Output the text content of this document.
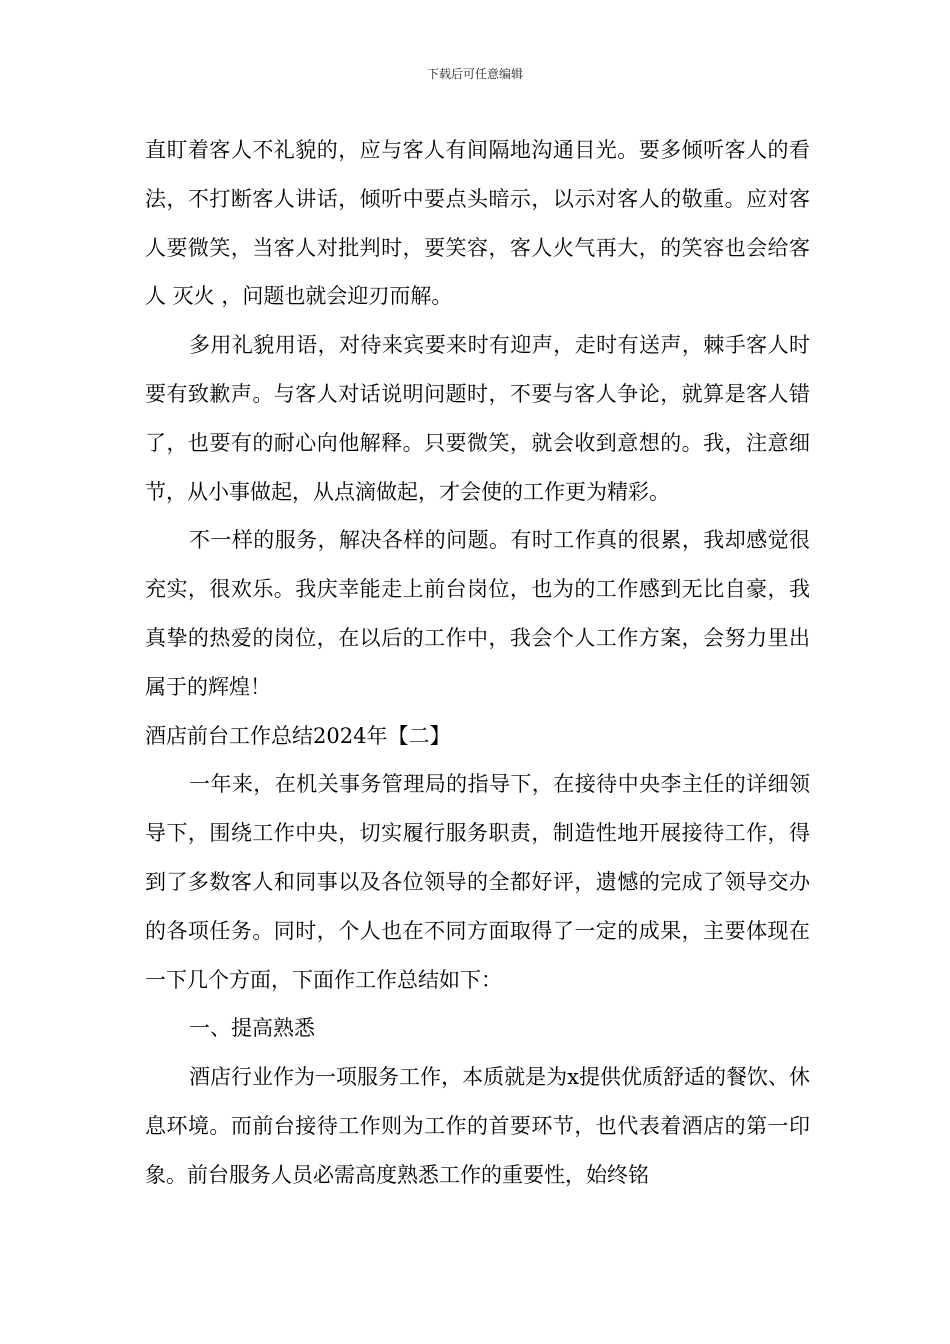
下载后可任意编辑

直盯着客人不礼貌的，应与客人有间隔地沟通目光。要多倾听客人的看法，不打断客人讲话，倾听中要点头暗示，以示对客人的敬重。应对客人要微笑，当客人对批判时，要笑容，客人火气再大，的笑容也会给客人 灭火 ，问题也就会迎刃而解。

多用礼貌用语，对待来宾要来时有迎声，走时有送声，棘手客人时要有致歉声。与客人对话说明问题时，不要与客人争论，就算是客人错了，也要有的耐心向他解释。只要微笑，就会收到意想的。我，注意细节，从小事做起，从点滴做起，才会使的工作更为精彩。

不一样的服务，解决各样的问题。有时工作真的很累，我却感觉很充实，很欢乐。我庆幸能走上前台岗位，也为的工作感到无比自豪，我真挚的热爱的岗位，在以后的工作中，我会个人工作方案，会努力里出属于的辉煌！

酒店前台工作总结2024年【二】

一年来，在机关事务管理局的指导下，在接待中央李主任的详细领导下，围绕工作中央，切实履行服务职责，制造性地开展接待工作，得到了多数客人和同事以及各位领导的全都好评，遗憾的完成了领导交办的各项任务。同时，个人也在不同方面取得了一定的成果，主要体现在一下几个方面，下面作工作总结如下：

一、提高熟悉

酒店行业作为一项服务工作，本质就是为x提供优质舒适的餐饮、休息环境。而前台接待工作则为工作的首要环节，也代表着酒店的第一印象。前台服务人员必需高度熟悉工作的重要性，始终铭
